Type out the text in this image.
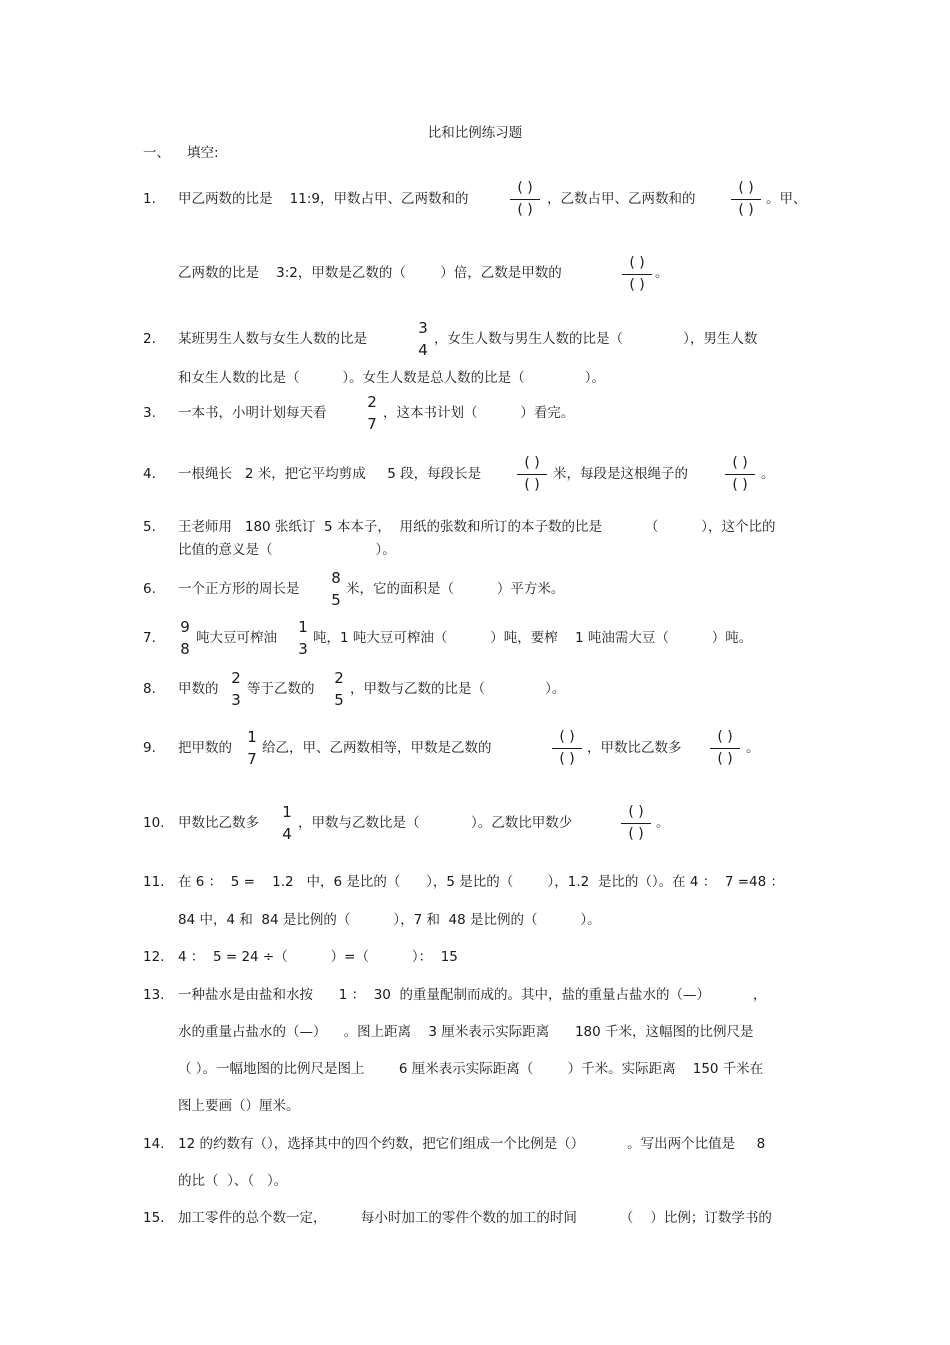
比和比例练习题
一、 填空:
1. 甲乙两数的比是    11:9，甲数占甲、乙两数和的
( )
( )
，乙数占甲、乙两数和的
( )
( )
。甲、
乙两数的比是    3:2，甲数是乙数的（        ）倍，乙数是甲数的
( )
( )
。
2. 某班男生人数与女生人数的比是
3
4
，女生人数与男生人数的比是（              ），男生人数
和女生人数的比是（          ）。女生人数是总人数的比是（              ）。
3. 一本书，小明计划每天看
2
7
，这本书计划（          ）看完。
4. 一根绳长   2 米，把它平均剪成     5 段，每段长是
( )
( )
米，每段是这根绳子的
( )
( )
。
5. 王老师用   180 张纸订  5 本本子，  用纸的张数和所订的本子数的比是          （          ），这个比的
比值的意义是（                        ）。
6. 一个正方形的周长是
8
5
米，它的面积是（          ）平方米。
7.
9
8
吨大豆可榨油
1
3
吨，1 吨大豆可榨油（          ）吨，要榨    1 吨油需大豆（          ）吨。
8. 甲数的
2
3
等于乙数的
2
5
，甲数与乙数的比是（              ）。
9. 把甲数的
1
7
给乙，甲、乙两数相等，甲数是乙数的
( )
( )
，甲数比乙数多
( )
( )
。
10. 甲数比乙数多
1
4
，甲数与乙数比是（            ）。乙数比甲数少
( )
( )
。
11. 在 6 ：  5 =    1.2   中，6 是比的（      ），5 是比的（        ），1.2  是比的（）。在 4 ：  7 =48 ：
84 中，4 和  84 是比例的（          ），7 和  48 是比例的（          ）。
12. 4 ：  5 = 24 ÷（          ）=（          ）：  15
13. 一种盐水是由盐和水按      1 ：  30  的重量配制而成的。其中，盐的重量占盐水的（—）          ，
水的重量占盐水的（—）    。图上距离    3 厘米表示实际距离      180 千米，这幅图的比例尺是
（ ）。一幅地图的比例尺是图上        6 厘米表示实际距离（        ）千米。实际距离    150 千米在
图上要画（）厘米。
14. 12 的约数有（），选择其中的四个约数，把它们组成一个比例是（）          。写出两个比值是     8
的比（  ）、（   ）。
15. 加工零件的总个数一定，        每小时加工的零件个数的加工的时间          （    ）比例；订数学书的
